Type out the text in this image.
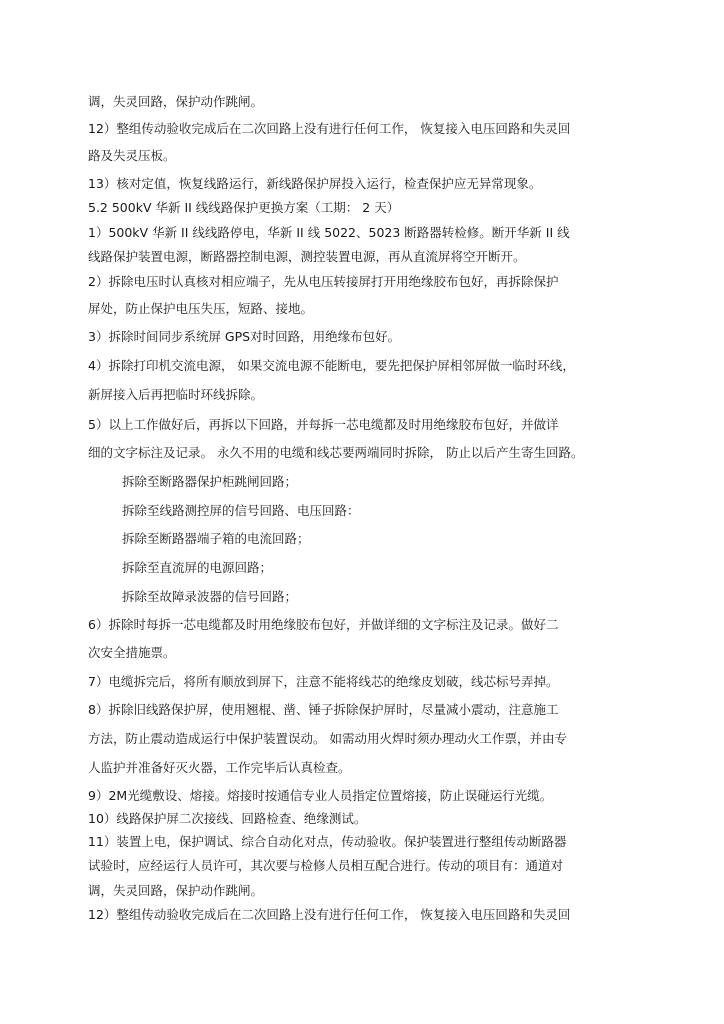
调，失灵回路，保护动作跳闸。
12）整组传动验收完成后在二次回路上没有进行任何工作， 恢复接入电压回路和失灵回
路及失灵压板。
13）核对定值，恢复线路运行，新线路保护屏投入运行，检查保护应无异常现象。
5.2 500kV 华新 II 线线路保护更换方案（工期： 2 天）
1）500kV 华新 II 线线路停电，华新 II 线 5022、5023 断路器转检修。断开华新 II 线
线路保护装置电源，断路器控制电源，测控装置电源，再从直流屏将空开断开。
2）拆除电压时认真核对相应端子，先从电压转接屏打开用绝缘胶布包好，再拆除保护
屏处，防止保护电压失压，短路、接地。
3）拆除时间同步系统屏 GPS对时回路，用绝缘布包好。
4）拆除打印机交流电源， 如果交流电源不能断电，要先把保护屏相邻屏做一临时环线，
新屏接入后再把临时环线拆除。
5）以上工作做好后，再拆以下回路，并每拆一芯电缆都及时用绝缘胶布包好，并做详
细的文字标注及记录。 永久不用的电缆和线芯要两端同时拆除， 防止以后产生寄生回路。
拆除至断路器保护柜跳闸回路；
拆除至线路测控屏的信号回路、电压回路：
拆除至断路器端子箱的电流回路；
拆除至直流屏的电源回路；
拆除至故障录波器的信号回路；
6）拆除时每拆一芯电缆都及时用绝缘胶布包好，并做详细的文字标注及记录。做好二
次安全措施票。
7）电缆拆完后，将所有顺放到屏下，注意不能将线芯的绝缘皮划破，线芯标号弄掉。
8）拆除旧线路保护屏，使用翘棍、凿、锤子拆除保护屏时，尽量减小震动，注意施工
方法，防止震动造成运行中保护装置误动。 如需动用火焊时须办理动火工作票，并由专
人监护并准备好灭火器，工作完毕后认真检查。
9）2M光缆敷设、熔接。熔接时按通信专业人员指定位置熔接，防止误碰运行光缆。
10）线路保护屏二次接线、回路检查、绝缘测试。
11）装置上电，保护调试、综合自动化对点，传动验收。保护装置进行整组传动断路器
试验时，应经运行人员许可，其次要与检修人员相互配合进行。传动的项目有：通道对
调，失灵回路，保护动作跳闸。
12）整组传动验收完成后在二次回路上没有进行任何工作， 恢复接入电压回路和失灵回
